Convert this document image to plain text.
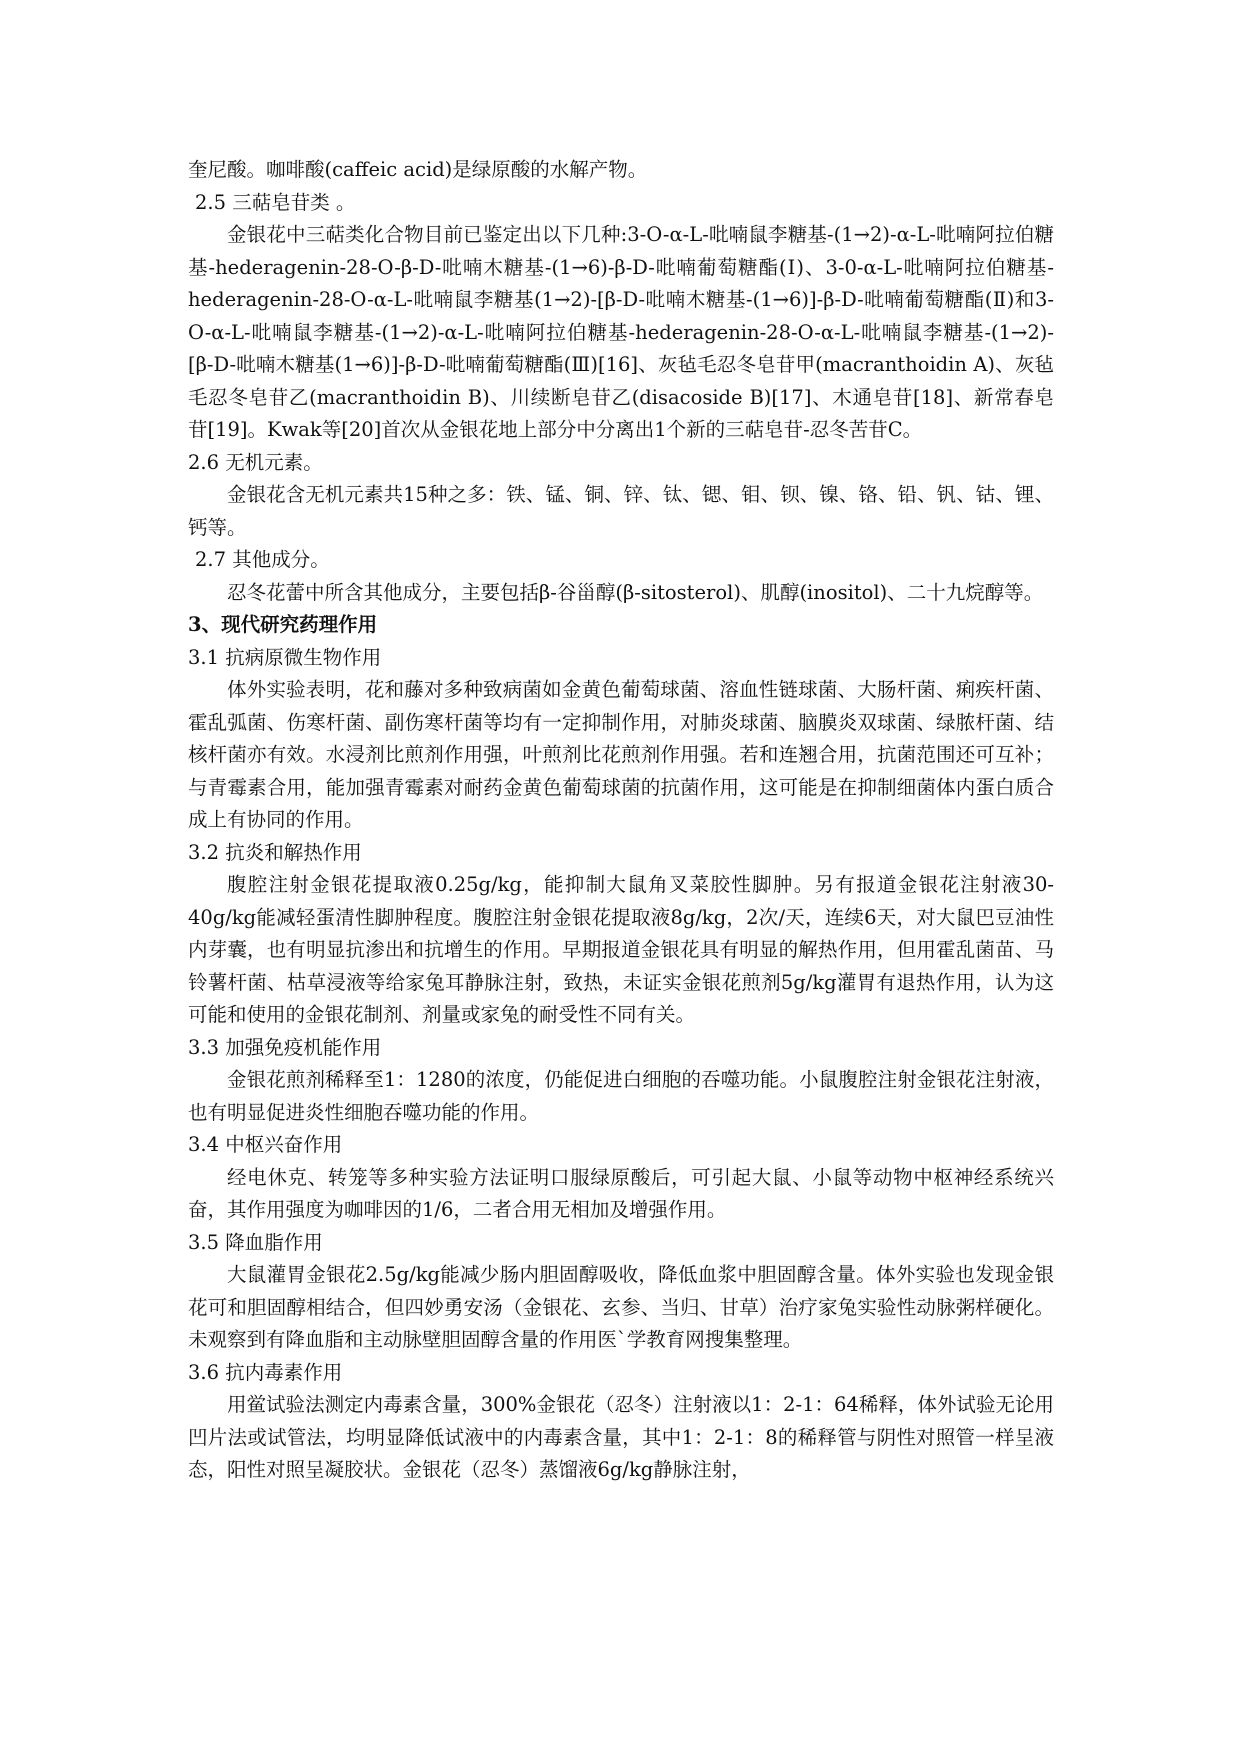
奎尼酸。咖啡酸(caffeic acid)是绿原酸的水解产物。
2.5 三萜皂苷类 。
金银花中三萜类化合物目前已鉴定出以下几种:3-O-α-L-吡喃鼠李糖基-(1→2)-α-L-吡喃阿拉伯糖基-hederagenin-28-O-β-D-吡喃木糖基-(1→6)-β-D-吡喃葡萄糖酯(Ⅰ)、3-0-α-L-吡喃阿拉伯糖基-hederagenin-28-O-α-L-吡喃鼠李糖基(1→2)-[β-D-吡喃木糖基-(1→6)]-β-D-吡喃葡萄糖酯(Ⅱ)和3-O-α-L-吡喃鼠李糖基-(1→2)-α-L-吡喃阿拉伯糖基-hederagenin-28-O-α-L-吡喃鼠李糖基-(1→2)-[β-D-吡喃木糖基(1→6)]-β-D-吡喃葡萄糖酯(Ⅲ)[16]、灰毡毛忍冬皂苷甲(macranthoidin A)、灰毡毛忍冬皂苷乙(macranthoidin B)、川续断皂苷乙(disacoside B)[17]、木通皂苷[18]、新常春皂苷[19]。Kwak等[20]首次从金银花地上部分中分离出1个新的三萜皂苷-忍冬苦苷C。
2.6 无机元素。
金银花含无机元素共15种之多：铁、锰、铜、锌、钛、锶、钼、钡、镍、铬、铅、钒、钴、锂、钙等。
2.7 其他成分。
忍冬花蕾中所含其他成分，主要包括β-谷甾醇(β-sitosterol)、肌醇(inositol)、二十九烷醇等。
3、现代研究药理作用
3.1 抗病原微生物作用
体外实验表明，花和藤对多种致病菌如金黄色葡萄球菌、溶血性链球菌、大肠杆菌、痢疾杆菌、霍乱弧菌、伤寒杆菌、副伤寒杆菌等均有一定抑制作用，对肺炎球菌、脑膜炎双球菌、绿脓杆菌、结核杆菌亦有效。水浸剂比煎剂作用强，叶煎剂比花煎剂作用强。若和连翘合用，抗菌范围还可互补；与青霉素合用，能加强青霉素对耐药金黄色葡萄球菌的抗菌作用，这可能是在抑制细菌体内蛋白质合成上有协同的作用。
3.2 抗炎和解热作用
腹腔注射金银花提取液0.25g/kg，能抑制大鼠角叉菜胶性脚肿。另有报道金银花注射液30-40g/kg能减轻蛋清性脚肿程度。腹腔注射金银花提取液8g/kg，2次/天，连续6天，对大鼠巴豆油性内芽囊，也有明显抗渗出和抗增生的作用。早期报道金银花具有明显的解热作用，但用霍乱菌苗、马铃薯杆菌、枯草浸液等给家兔耳静脉注射，致热，未证实金银花煎剂5g/kg灌胃有退热作用，认为这可能和使用的金银花制剂、剂量或家兔的耐受性不同有关。
3.3 加强免疫机能作用
金银花煎剂稀释至1：1280的浓度，仍能促进白细胞的吞噬功能。小鼠腹腔注射金银花注射液，也有明显促进炎性细胞吞噬功能的作用。
3.4 中枢兴奋作用
经电休克、转笼等多种实验方法证明口服绿原酸后，可引起大鼠、小鼠等动物中枢神经系统兴奋，其作用强度为咖啡因的1/6，二者合用无相加及增强作用。
3.5 降血脂作用
大鼠灌胃金银花2.5g/kg能减少肠内胆固醇吸收，降低血浆中胆固醇含量。体外实验也发现金银花可和胆固醇相结合，但四妙勇安汤（金银花、玄参、当归、甘草）治疗家兔实验性动脉粥样硬化。未观察到有降血脂和主动脉壁胆固醇含量的作用医`学教育网搜集整理。
3.6 抗内毒素作用
用鲎试验法测定内毒素含量，300%金银花（忍冬）注射液以1：2-1：64稀释，体外试验无论用凹片法或试管法，均明显降低试液中的内毒素含量，其中1：2-1：8的稀释管与阴性对照管一样呈液态，阳性对照呈凝胶状。金银花（忍冬）蒸馏液6g/kg静脉注射，
